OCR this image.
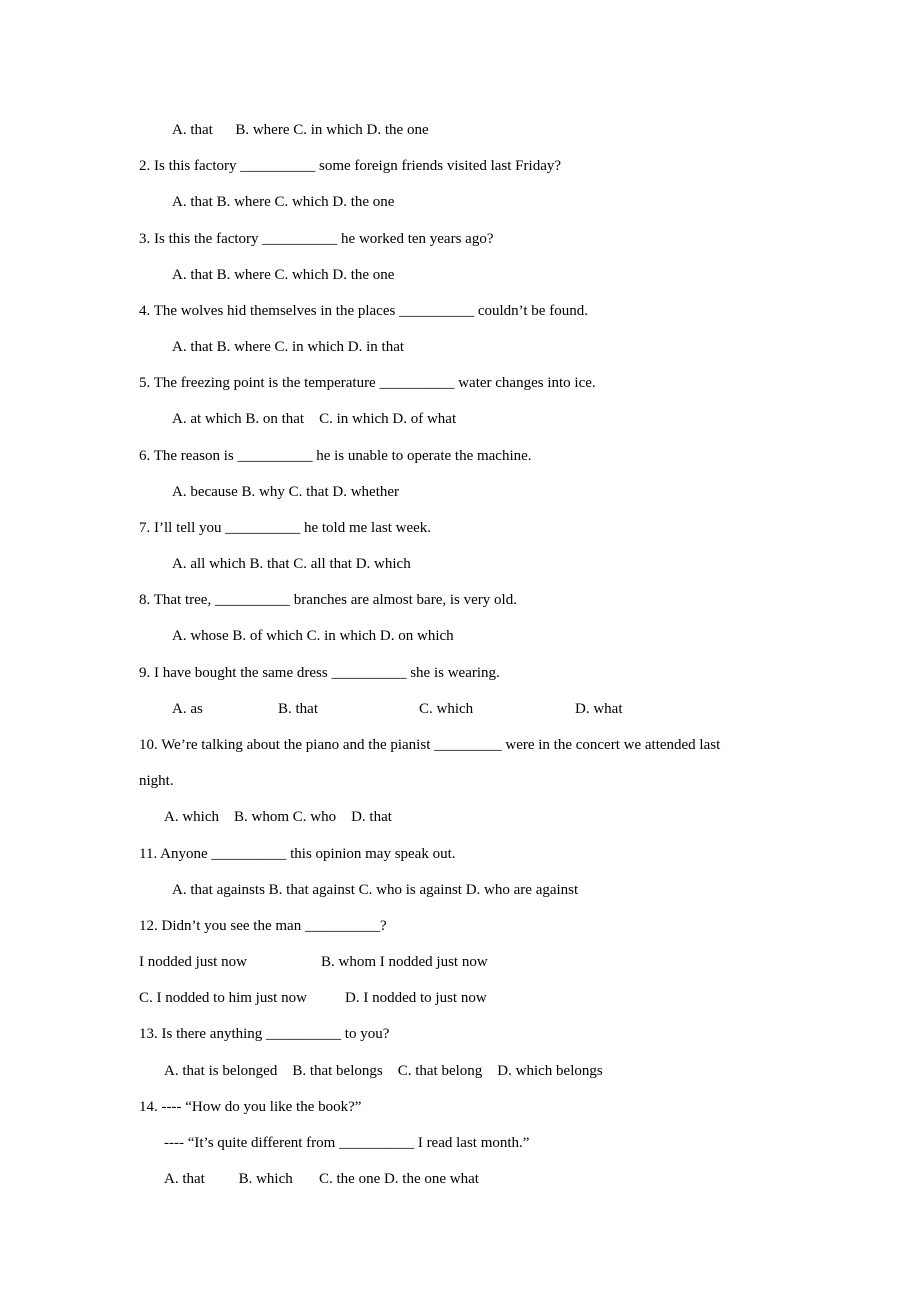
A. that      B. where C. in which D. the one
2. Is this factory __________ some foreign friends visited last Friday?
A. that B. where C. which D. the one
3. Is this the factory __________ he worked ten years ago?
A. that B. where C. which D. the one
4. The wolves hid themselves in the places __________ couldn’t be found.
A. that B. where C. in which D. in that
5. The freezing point is the temperature __________ water changes into ice.
A. at which B. on that    C. in which D. of what
6. The reason is __________ he is unable to operate the machine.
A. because B. why C. that D. whether
7. I’ll tell you __________ he told me last week.
A. all which B. that C. all that D. which
8. That tree, __________ branches are almost bare, is very old.
A. whose B. of which C. in which D. on which
9. I have bought the same dress __________ she is wearing.
A. as	B. that	C. which	D. what
10. We’re talking about the piano and the pianist _________ were in the concert we attended last
night.
A. which    B. whom C. who    D. that
11. Anyone __________ this opinion may speak out.
A. that againsts B. that against C. who is against D. who are against
12. Didn’t you see the man __________?
I nodded just now	B. whom I nodded just now
C. I nodded to him just now	D. I nodded to just now
13. Is there anything __________ to you?
A. that is belonged    B. that belongs    C. that belong    D. which belongs
14. ---- “How do you like the book?”
---- “It’s quite different from __________ I read last month.”
A. that         B. which       C. the one D. the one what
